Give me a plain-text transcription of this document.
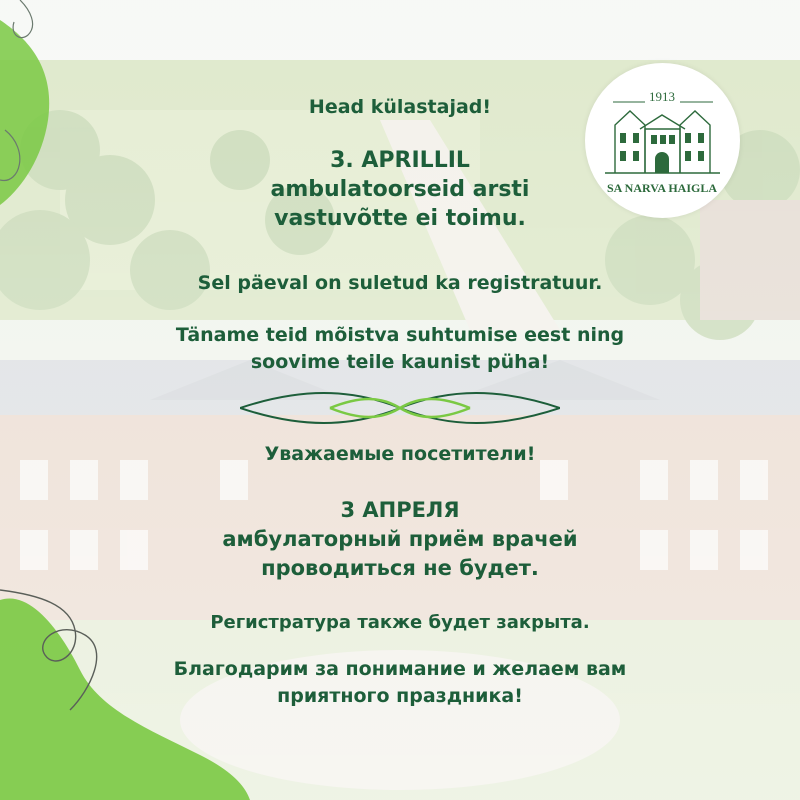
1913
SA NARVA HAIGLA

Head külastajad!

3. APRILLIL
ambulatoorseid arsti
vastuvõtte ei toimu.

Sel päeval on suletud ka registratuur.

Täname teid mõistva suhtumise eest ning
soovime teile kaunist püha!

Уважаемые посетители!

3 АПРЕЛЯ
амбулаторный приём врачей
проводиться не будет.

Регистратура также будет закрыта.

Благодарим за понимание и желаем вам
приятного праздника!
